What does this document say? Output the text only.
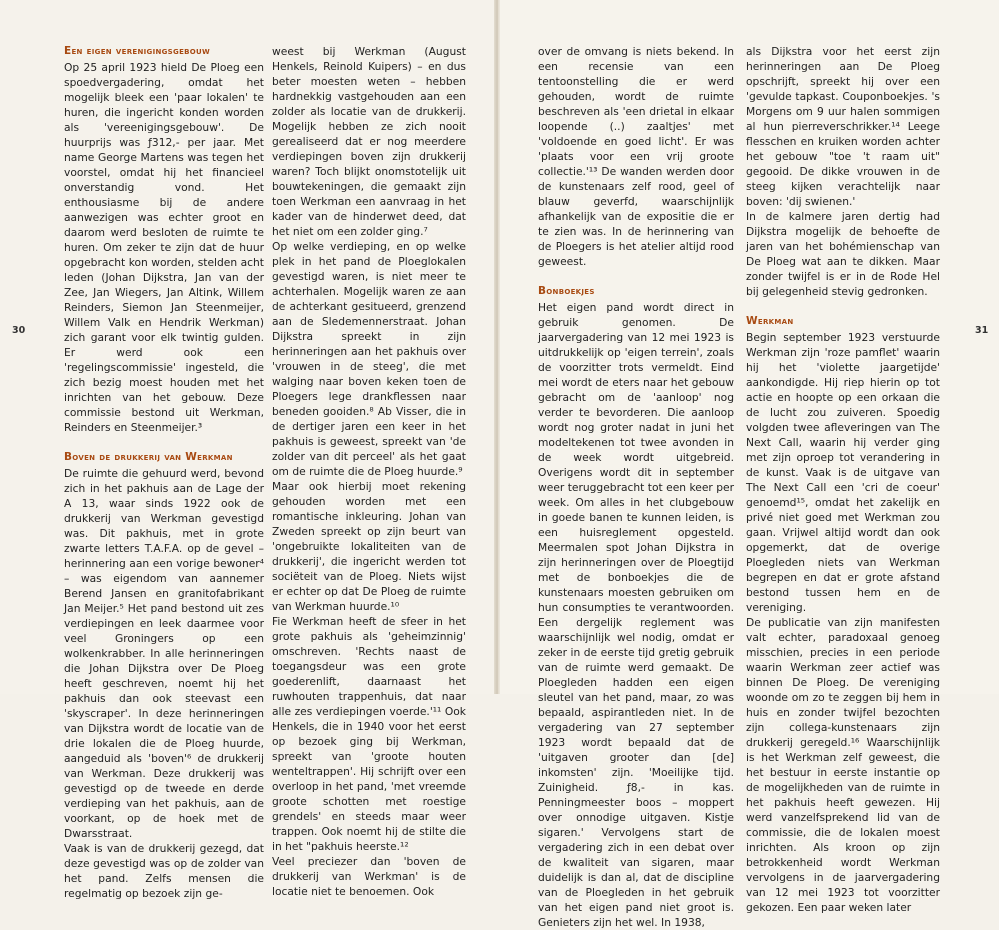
Een eigen verenigingsgebouw

Op 25 april 1923 hield De Ploeg een spoedvergadering, omdat het mogelijk bleek een 'paar lokalen' te huren, die ingericht konden worden als 'vereenigingsgebouw'. De huurprijs was ƒ312,- per jaar. Met name George Martens was tegen het voorstel, omdat hij het financieel onverstandig vond. Het enthousiasme bij de andere aanwezigen was echter groot en daarom werd besloten de ruimte te huren. Om zeker te zijn dat de huur opgebracht kon worden, stelden acht leden (Johan Dijkstra, Jan van der Zee, Jan Wiegers, Jan Altink, Willem Reinders, Siemon Jan Steenmeijer, Willem Valk en Hendrik Werkman) zich garant voor elk twintig gulden. Er werd ook een 'regelingscommissie' ingesteld, die zich bezig moest houden met het inrichten van het gebouw. Deze commissie bestond uit Werkman, Reinders en Steenmeijer.³

Boven de drukkerij van Werkman

De ruimte die gehuurd werd, bevond zich in het pakhuis aan de Lage der A 13, waar sinds 1922 ook de drukkerij van Werkman gevestigd was. Dit pakhuis, met in grote zwarte letters T.A.F.A. op de gevel – herinnering aan een vorige bewoner⁴ – was eigendom van aannemer Berend Jansen en granitofabrikant Jan Meijer.⁵ Het pand bestond uit zes verdiepingen en leek daarmee voor veel Groningers op een wolkenkrabber. In alle herinneringen die Johan Dijkstra over De Ploeg heeft geschreven, noemt hij het pakhuis dan ook steevast een 'skyscraper'. In deze herinneringen van Dijkstra wordt de locatie van de drie lokalen die de Ploeg huurde, aangeduid als 'boven'⁶ de drukkerij van Werkman. Deze drukkerij was gevestigd op de tweede en derde verdieping van het pakhuis, aan de voorkant, op de hoek met de Dwarsstraat.

Vaak is van de drukkerij gezegd, dat deze gevestigd was op de zolder van het pand. Zelfs mensen die regelmatig op bezoek zijn ge-

weest bij Werkman (August Henkels, Reinold Kuipers) – en dus beter moesten weten – hebben hardnekkig vastgehouden aan een zolder als locatie van de drukkerij. Mogelijk hebben ze zich nooit gerealiseerd dat er nog meerdere verdiepingen boven zijn drukkerij waren? Toch blijkt onomstotelijk uit bouwtekeningen, die gemaakt zijn toen Werkman een aanvraag in het kader van de hinderwet deed, dat het niet om een zolder ging.⁷

Op welke verdieping, en op welke plek in het pand de Ploeglokalen gevestigd waren, is niet meer te achterhalen. Mogelijk waren ze aan de achterkant gesitueerd, grenzend aan de Sledemennerstraat. Johan Dijkstra spreekt in zijn herinneringen aan het pakhuis over 'vrouwen in de steeg', die met walging naar boven keken toen de Ploegers lege drankflessen naar beneden gooiden.⁸ Ab Visser, die in de dertiger jaren een keer in het pakhuis is geweest, spreekt van 'de zolder van dit perceel' als het gaat om de ruimte die de Ploeg huurde.⁹

Maar ook hierbij moet rekening gehouden worden met een romantische inkleuring. Johan van Zweden spreekt op zijn beurt van 'ongebruikte lokaliteiten van de drukkerij', die ingericht werden tot sociëteit van de Ploeg. Niets wijst er echter op dat De Ploeg de ruimte van Werkman huurde.¹⁰

Fie Werkman heeft de sfeer in het grote pakhuis als 'geheimzinnig' omschreven. 'Rechts naast de toegangsdeur was een grote goederenlift, daarnaast het ruwhouten trappenhuis, dat naar alle zes verdiepingen voerde.'¹¹ Ook Henkels, die in 1940 voor het eerst op bezoek ging bij Werkman, spreekt van 'groote houten wenteltrappen'. Hij schrijft over een overloop in het pand, 'met vreemde groote schotten met roestige grendels' en steeds maar weer trappen. Ook noemt hij de stilte die in het "pakhuis heerste.¹²

Veel preciezer dan 'boven de drukkerij van Werkman' is de locatie niet te benoemen. Ook

30

over de omvang is niets bekend. In een recensie van een tentoonstelling die er werd gehouden, wordt de ruimte beschreven als 'een drietal in elkaar loopende (..) zaaltjes' met 'voldoende en goed licht'. Er was 'plaats voor een vrij groote collectie.'¹³ De wanden werden door de kunstenaars zelf rood, geel of blauw geverfd, waarschijnlijk afhankelijk van de expositie die er te zien was. In de herinnering van de Ploegers is het atelier altijd rood geweest.

Bonboekjes

Het eigen pand wordt direct in gebruik genomen. De jaarvergadering van 12 mei 1923 is uitdrukkelijk op 'eigen terrein', zoals de voorzitter trots vermeldt. Eind mei wordt de eters naar het gebouw gebracht om de 'aanloop' nog verder te bevorderen. Die aanloop wordt nog groter nadat in juni het modeltekenen tot twee avonden in de week wordt uitgebreid. Overigens wordt dit in september weer teruggebracht tot een keer per week. Om alles in het clubgebouw in goede banen te kunnen leiden, is een huisreglement opgesteld. Meermalen spot Johan Dijkstra in zijn herinneringen over de Ploegtijd met de bonboekjes die de kunstenaars moesten gebruiken om hun consumpties te verantwoorden. Een dergelijk reglement was waarschijnlijk wel nodig, omdat er zeker in de eerste tijd gretig gebruik van de ruimte werd gemaakt. De Ploegleden hadden een eigen sleutel van het pand, maar, zo was bepaald, aspirantleden niet. In de vergadering van 27 september 1923 wordt bepaald dat de 'uitgaven grooter dan [de] inkomsten' zijn. 'Moeilijke tijd. Zuinigheid. ƒ8,- in kas. Penningmeester boos – moppert over onnodige uitgaven. Kistje sigaren.' Vervolgens start de vergadering zich in een debat over de kwaliteit van sigaren, maar duidelijk is dan al, dat de discipline van de Ploegleden in het gebruik van het eigen pand niet groot is. Genieters zijn het wel. In 1938,

als Dijkstra voor het eerst zijn herinneringen aan De Ploeg opschrijft, spreekt hij over een 'gevulde tapkast. Couponboekjes. 's Morgens om 9 uur halen sommigen al hun pierreverschrikker.¹⁴ Leege flesschen en kruiken worden achter het gebouw "toe 't raam uit" gegooid. De dikke vrouwen in de steeg kijken verachtelijk naar boven: 'dij swienen.'

In de kalmere jaren dertig had Dijkstra mogelijk de behoefte de jaren van het bohémienschap van De Ploeg wat aan te dikken. Maar zonder twijfel is er in de Rode Hel bij gelegenheid stevig gedronken.

Werkman

Begin september 1923 verstuurde Werkman zijn 'roze pamflet' waarin hij het 'violette jaargetijde' aankondigde. Hij riep hierin op tot actie en hoopte op een orkaan die de lucht zou zuiveren. Spoedig volgden twee afleveringen van The Next Call, waarin hij verder ging met zijn oproep tot verandering in de kunst. Vaak is de uitgave van The Next Call een 'cri de coeur' genoemd¹⁵, omdat het zakelijk en privé niet goed met Werkman zou gaan. Vrijwel altijd wordt dan ook opgemerkt, dat de overige Ploegleden niets van Werkman begrepen en dat er grote afstand bestond tussen hem en de vereniging.

De publicatie van zijn manifesten valt echter, paradoxaal genoeg misschien, precies in een periode waarin Werkman zeer actief was binnen De Ploeg. De vereniging woonde om zo te zeggen bij hem in huis en zonder twijfel bezochten zijn collega-kunstenaars zijn drukkerij geregeld.¹⁶ Waarschijnlijk is het Werkman zelf geweest, die het bestuur in eerste instantie op de mogelijkheden van de ruimte in het pakhuis heeft gewezen. Hij werd vanzelfsprekend lid van de commissie, die de lokalen moest inrichten. Als kroon op zijn betrokkenheid wordt Werkman vervolgens in de jaarvergadering van 12 mei 1923 tot voorzitter gekozen. Een paar weken later

31
